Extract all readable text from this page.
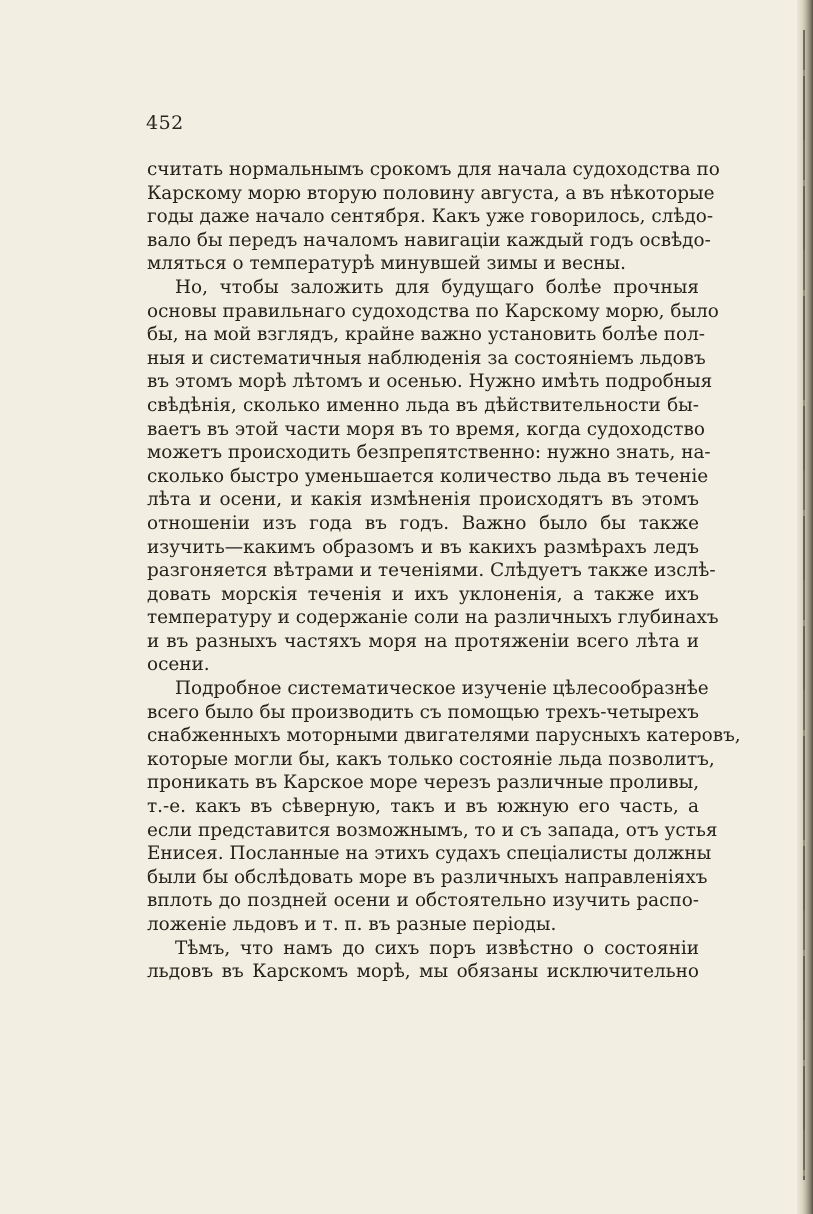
452
считать нормальнымъ срокомъ для начала судоходства по
Карскому морю вторую половину августа, а въ нѣкоторые
годы даже начало сентября. Какъ уже говорилось, слѣдо-
вало бы передъ началомъ навигаціи каждый годъ освѣдо-
мляться о температурѣ минувшей зимы и весны.
Но, чтобы заложить для будущаго болѣе прочныя
основы правильнаго судоходства по Карскому морю, было
бы, на мой взглядъ, крайне важно установить болѣе пол-
ныя и систематичныя наблюденія за состояніемъ льдовъ
въ этомъ морѣ лѣтомъ и осенью. Нужно имѣть подробныя
свѣдѣнія, сколько именно льда въ дѣйствительности бы-
ваетъ въ этой части моря въ то время, когда судоходство
можетъ происходить безпрепятственно: нужно знать, на-
сколько быстро уменьшается количество льда въ теченіе
лѣта и осени, и какія измѣненія происходятъ въ этомъ
отношеніи изъ года въ годъ. Важно было бы также
изучить—какимъ образомъ и въ какихъ размѣрахъ ледъ
разгоняется вѣтрами и теченіями. Слѣдуетъ также изслѣ-
довать морскія теченія и ихъ уклоненія, а также ихъ
температуру и содержаніе соли на различныхъ глубинахъ
и въ разныхъ частяхъ моря на протяженіи всего лѣта и
осени.
Подробное систематическое изученіе цѣлесообразнѣе
всего было бы производить съ помощью трехъ-четырехъ
снабженныхъ моторными двигателями парусныхъ катеровъ,
которые могли бы, какъ только состояніе льда позволитъ,
проникать въ Карское море черезъ различные проливы,
т.-е. какъ въ сѣверную, такъ и въ южную его часть, а
если представится возможнымъ, то и съ запада, отъ устья
Енисея. Посланные на этихъ судахъ спеціалисты должны
были бы обслѣдовать море въ различныхъ направленіяхъ
вплоть до поздней осени и обстоятельно изучить распо-
ложеніе льдовъ и т. п. въ разные періоды.
Тѣмъ, что намъ до сихъ поръ извѣстно о состояніи
льдовъ въ Карскомъ морѣ, мы обязаны исключительно
